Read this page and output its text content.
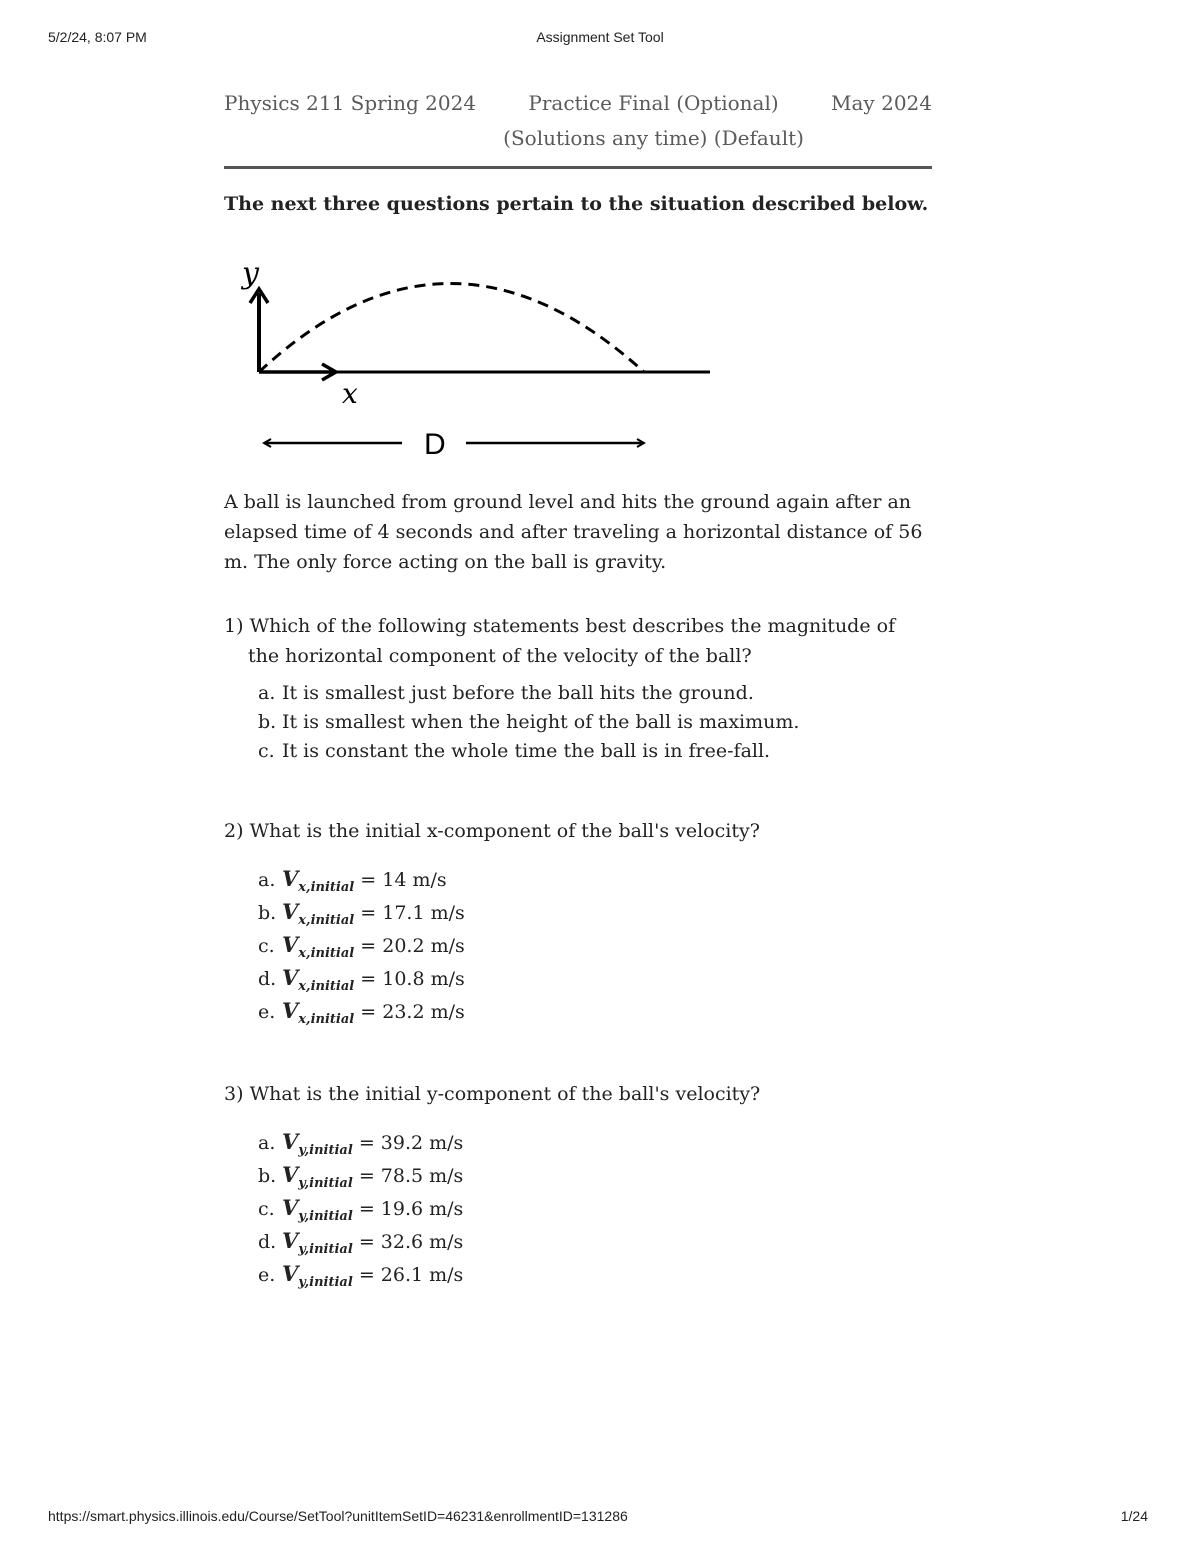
5/2/24, 8:07 PM	Assignment Set Tool
Physics 211 Spring 2024	Practice Final (Optional)(Solutions any time) (Default)
May 2024
The next three questions pertain to the situation described below.
y
x
D

A ball is launched from ground level and hits the ground again after an elapsed time of 4 seconds and after traveling a horizontal distance of 56 m. The only force acting on the ball is gravity.

1) Which of the following statements best describes the magnitude of the horizontal component of the velocity of the ball?
a. It is smallest just before the ball hits the ground.
b. It is smallest when the height of the ball is maximum.
c. It is constant the whole time the ball is in free-fall.
2) What is the initial x-component of the ball's velocity?
a. $V_{x,initial} = 14$ m/s
b. $V_{x,initial} = 17.1$ m/s
c. $V_{x,initial} = 20.2$ m/s
d. $V_{x,initial} = 10.8$ m/s
e. $V_{x,initial} = 23.2$ m/s
3) What is the initial y-component of the ball's velocity?
a. $V_{y,initial} = 39.2$ m/s
b. $V_{y,initial} = 78.5$ m/s
c. $V_{y,initial} = 19.6$ m/s
d. $V_{y,initial} = 32.6$ m/s
e. $V_{y,initial} = 26.1$ m/s
https://smart.physics.illinois.edu/Course/SetTool?unitItemSetID=46231&enrollmentID=131286	1/24
